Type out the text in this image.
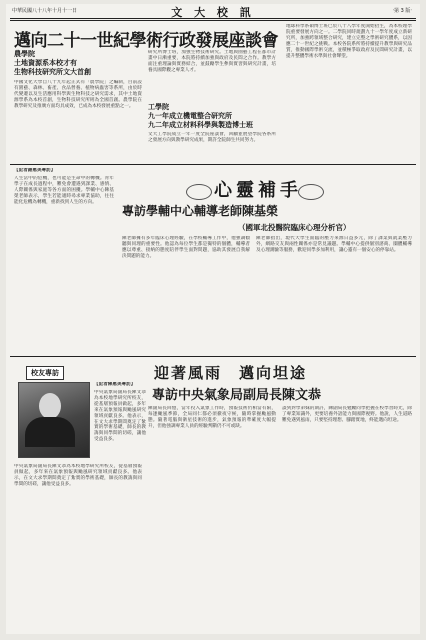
中華民國八十八年十月十一日	文 大 校 訊	‧第 3 版‧
邁向二十一世紀學術行政發展座談會
農學院
土地資源系本校才有
生物科技研究所文大首創
中國文化大學自八十九年起正式有「農學院」之編制，目前設有園藝、森林、畜產、食品營養、植物病蟲害等系所，由於時代變遷以及生活應用科學與生物科技之研究需求，其中土地資源學系為本校首創，生物科技研究所則為全國首創。農學院在教學研究及推廣方面均具成效，已成為本校發展重點之一。
研究所博士班，加強生物技術研究。土地與園藝工程在都市計畫中日漸重要，本院將持續加強與政府及民間之合作。教學方面注重理論與實務結合，並鼓勵學生參與實習與研究計畫，培養具國際觀之專業人才。
工學院
九一年成立機電整合研究所
九二年成立材料科學與製造博士班
文大工學院成立一年一度全院座談會，回顧並展望學院各系所之發展方向與教學研究成果，期許全院師生共同努力。
地球科學系碩博士班已於八十八學年度開始招生，為本校理學院重要發展方向之一。二學院同時規劃九十一學年度成立新研究所，加強跨領域整合研究，建立完整之學術研究體系，以因應二十一世紀之挑戰。本校各院系所將持續提升教學與研究品質，推動國際學術交流，並積極爭取政府及民間研究計畫，以提升整體學術水準與社會聲望。
【記者謝惠美專訪】
人生當中的危機，也可能是生命中的轉機。青年學子在成長過程中，難免會遭遇到課業、感情、人際關係與家庭等各方面的困擾。學輔中心陳基榮老師表示，學生若能適時尋求專業協助，往往能化危機為轉機，重新找到人生的方向。
心靈補手
專訪學輔中心輔導老師陳基榮
（國軍北投醫院臨床心理分析官）
陳老師擁有多年臨床心理經驗，在學校輔導工作中，他強調傾聽與同理的重要性。他認為每位學生都是獨特的個體，輔導者應以尊重、接納的態度陪伴學生面對問題，協助其發展自我解決問題的能力。
陳老師指出，現代大學生面臨的壓力來源日益多元，除了課業與就業壓力外，網路交友與兩性關係亦是常見議題。學輔中心提供個別諮商、團體輔導及心理測驗等服務，歡迎同學多加利用，讓心靈有一個安心的停靠站。
校友專訪	迎著風雨　邁向坦途
專訪中央氣象局副局長陳文恭
【記者陳惠美專訪】
中央氣象局副局長陳文恭為本校地學研究所校友，從基層預報員做起，多年來在氣象預報與颱風研究領域貢獻良多。他表示，在文大求學期間奠定了紮實的學術基礎，師長的教誨與同學間的切磋，讓他受益良多。
中央氣象局副局長陳文恭為本校地學研究所校友，從基層預報員做起，多年來在氣象預報與颱風研究領域貢獻良多。他表示，在文大求學期間奠定了紮實的學術基礎，師長的教誨與同學間的切磋，讓他受益良多。
陳副局長回憶，當年投入氣象工作時，預報技術仍相當有限，每逢颱風季節，全局同仁都必須徹夜守候，隨時掌握颱風動態。隨著電腦與衛星技術的進步，氣象預報的準確度大幅提升，但他強調專業人員的經驗判斷仍不可或缺。
談到對學弟妹的期許，陳副局長勉勵同學把握在校學習時光，除了專業知識外，更要培養外語能力與國際視野。他說，人生道路難免遇到風雨，只要堅持理想、腳踏實地，終能邁向坦途。
